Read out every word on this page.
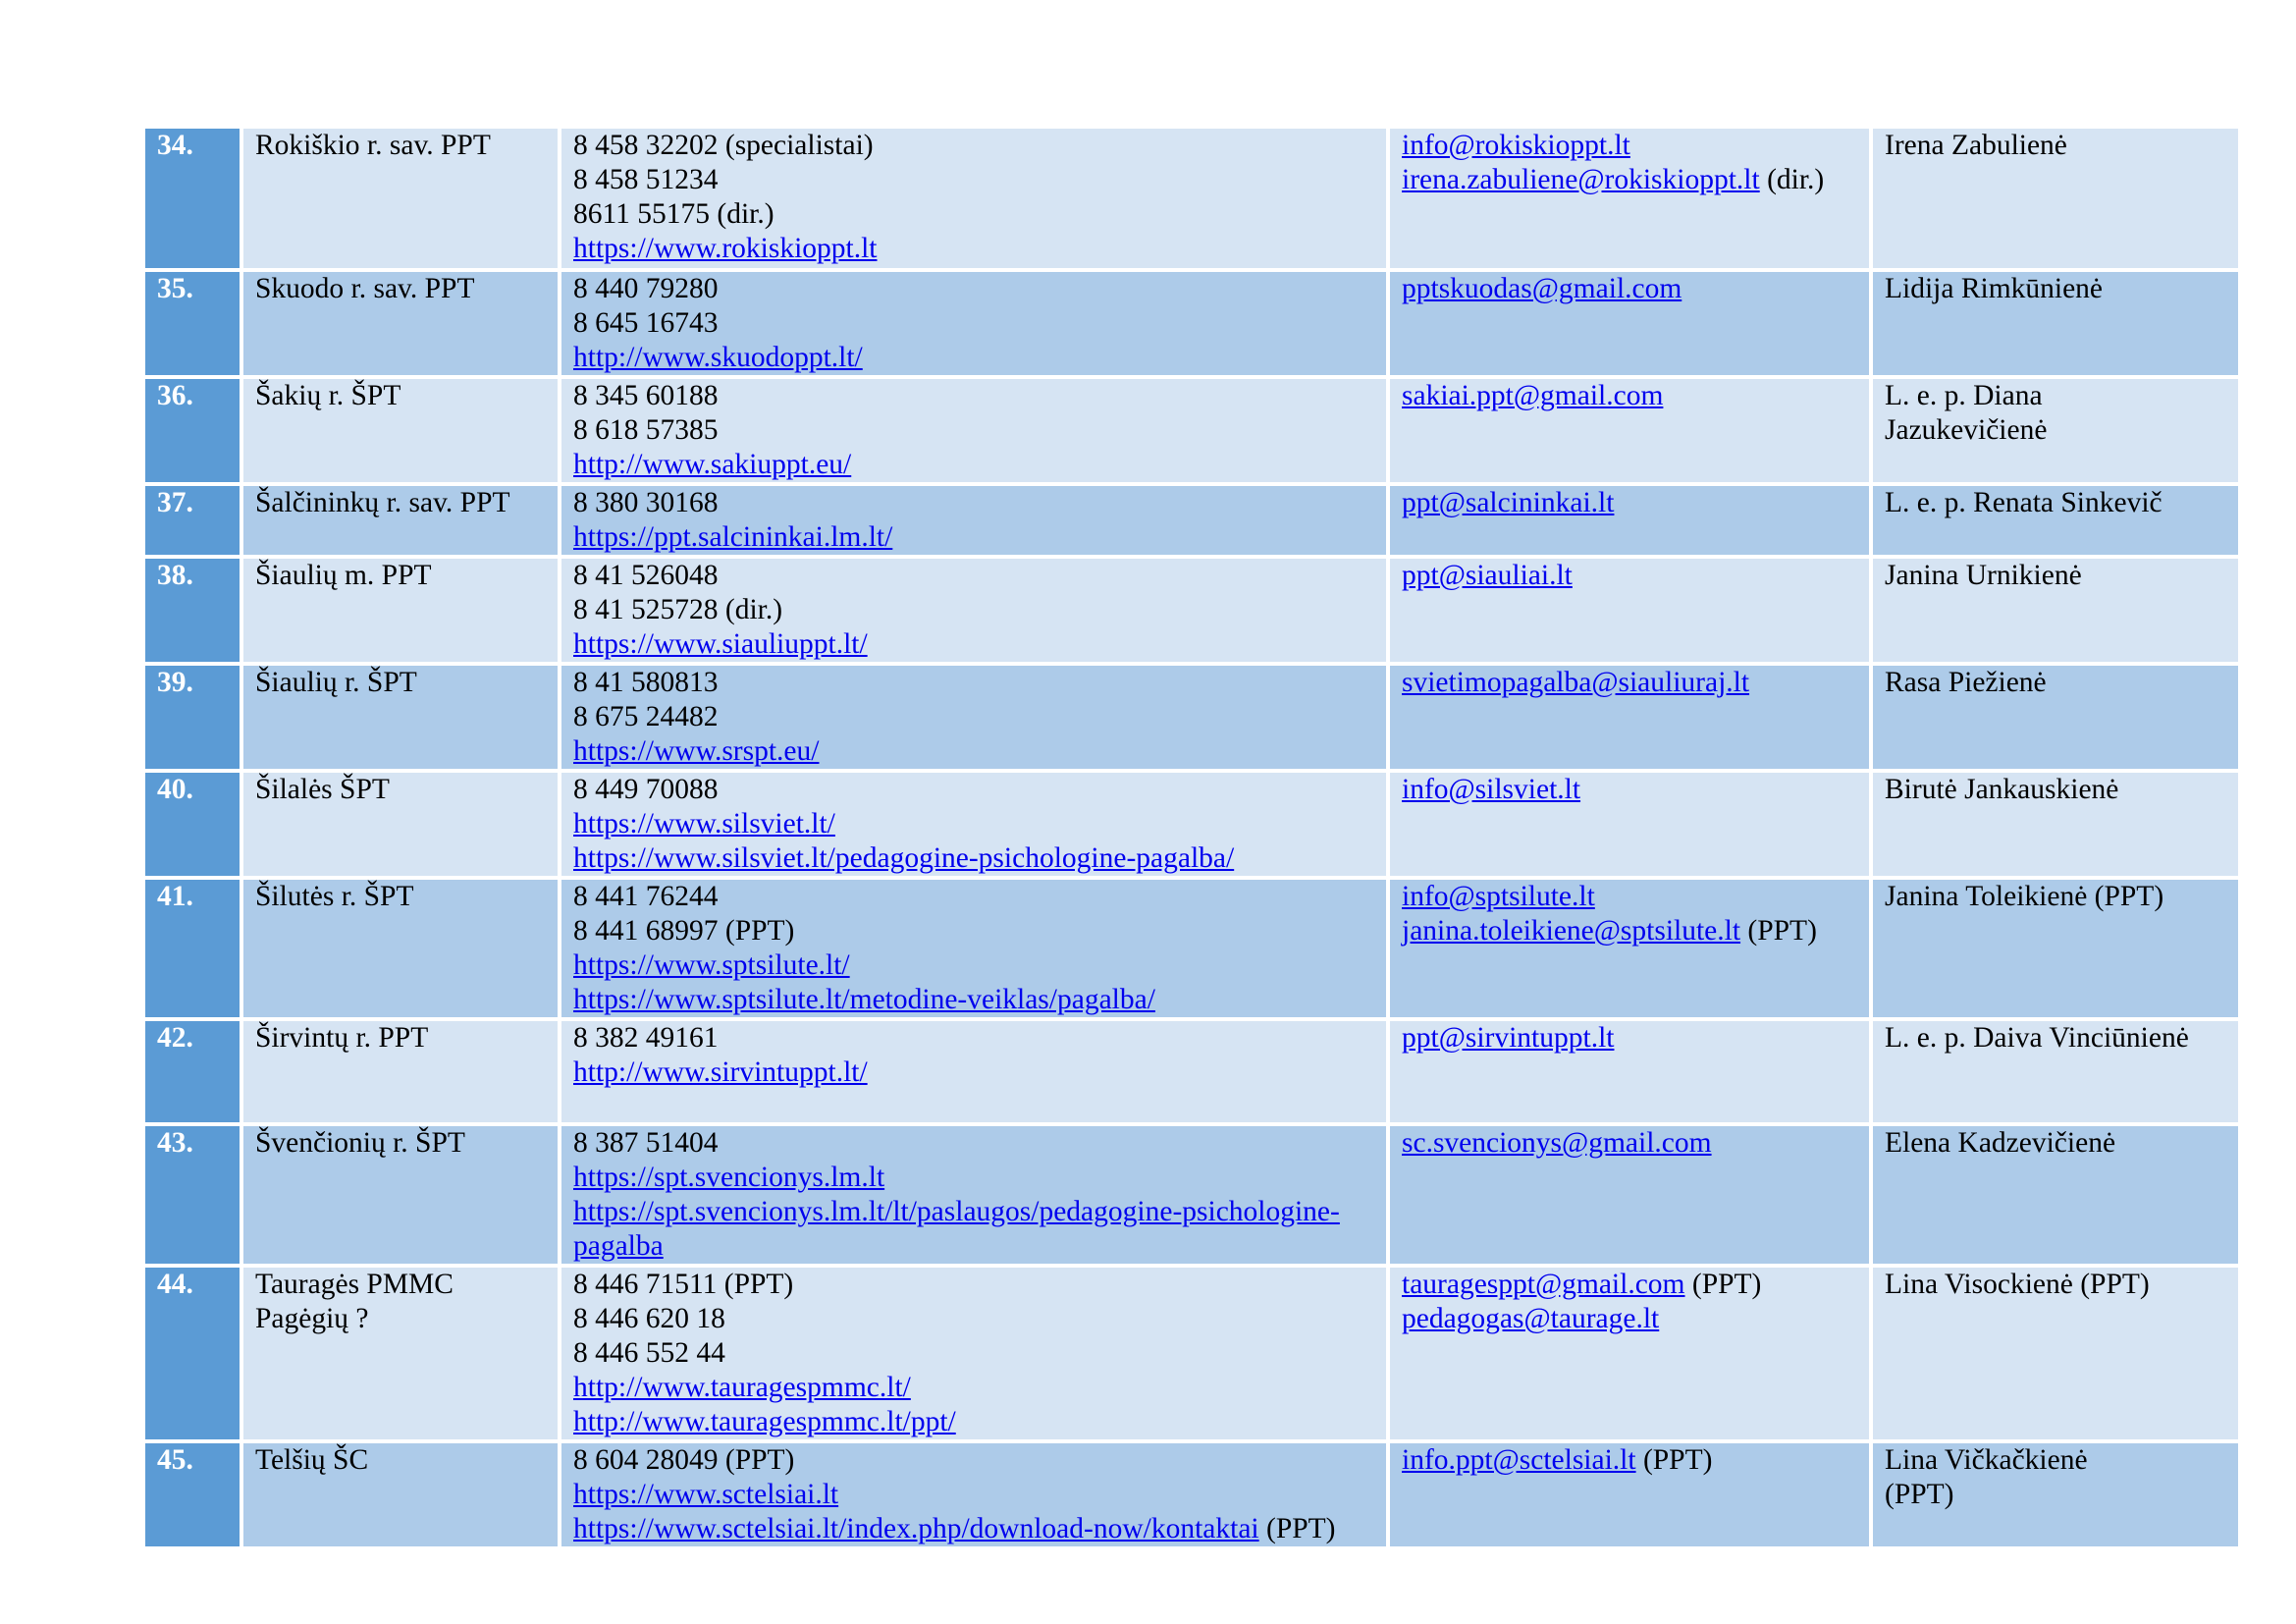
34.	Rokiškio r. sav. PPT	8 458 32202 (specialistai)
8 458 51234
8611 55175 (dir.)
https://www.rokiskioppt.lt	info@rokiskioppt.lt
irena.zabuliene@rokiskioppt.lt (dir.)	Irena Zabulienė

35.	Skuodo r. sav. PPT	8 440 79280
8 645 16743
http://www.skuodoppt.lt/	pptskuodas@gmail.com	Lidija Rimkūnienė

36.	Šakių r. ŠPT	8 345 60188
8 618 57385
http://www.sakiuppt.eu/	sakiai.ppt@gmail.com	L. e. p. Diana
Jazukevičienė

37.	Šalčininkų r. sav. PPT	8 380 30168
https://ppt.salcininkai.lm.lt/	ppt@salcininkai.lt	L. e. p. Renata Sinkevič

38.	Šiaulių m. PPT	8 41 526048
8 41 525728 (dir.)
https://www.siauliuppt.lt/	ppt@siauliai.lt	Janina Urnikienė

39.	Šiaulių r. ŠPT	8 41 580813
8 675 24482
https://www.srspt.eu/	svietimopagalba@siauliuraj.lt	Rasa Piežienė

40.	Šilalės ŠPT	8 449 70088
https://www.silsviet.lt/
https://www.silsviet.lt/pedagogine-psichologine-pagalba/	info@silsviet.lt	Birutė Jankauskienė

41.	Šilutės r. ŠPT	8 441 76244
8 441 68997 (PPT)
https://www.sptsilute.lt/
https://www.sptsilute.lt/metodine-veiklas/pagalba/	info@sptsilute.lt
janina.toleikiene@sptsilute.lt (PPT)	Janina Toleikienė (PPT)

42.	Širvintų r. PPT	8 382 49161
http://www.sirvintuppt.lt/	ppt@sirvintuppt.lt	L. e. p. Daiva Vinciūnienė

43.	Švenčionių r. ŠPT	8 387 51404
https://spt.svencionys.lm.lt
https://spt.svencionys.lm.lt/lt/paslaugos/pedagogine-psichologine-pagalba	sc.svencionys@gmail.com	Elena Kadzevičienė

44.	Tauragės PMMC
Pagėgių ?	8 446 71511 (PPT)
8 446 620 18
8 446 552 44
http://www.tauragespmmc.lt/
http://www.tauragespmmc.lt/ppt/	tauragesppt@gmail.com (PPT)
pedagogas@taurage.lt	Lina Visockienė (PPT)

45.	Telšių ŠC	8 604 28049 (PPT)
https://www.sctelsiai.lt
https://www.sctelsiai.lt/index.php/download-now/kontaktai (PPT)	info.ppt@sctelsiai.lt (PPT)	Lina Vičkačkienė
(PPT)
